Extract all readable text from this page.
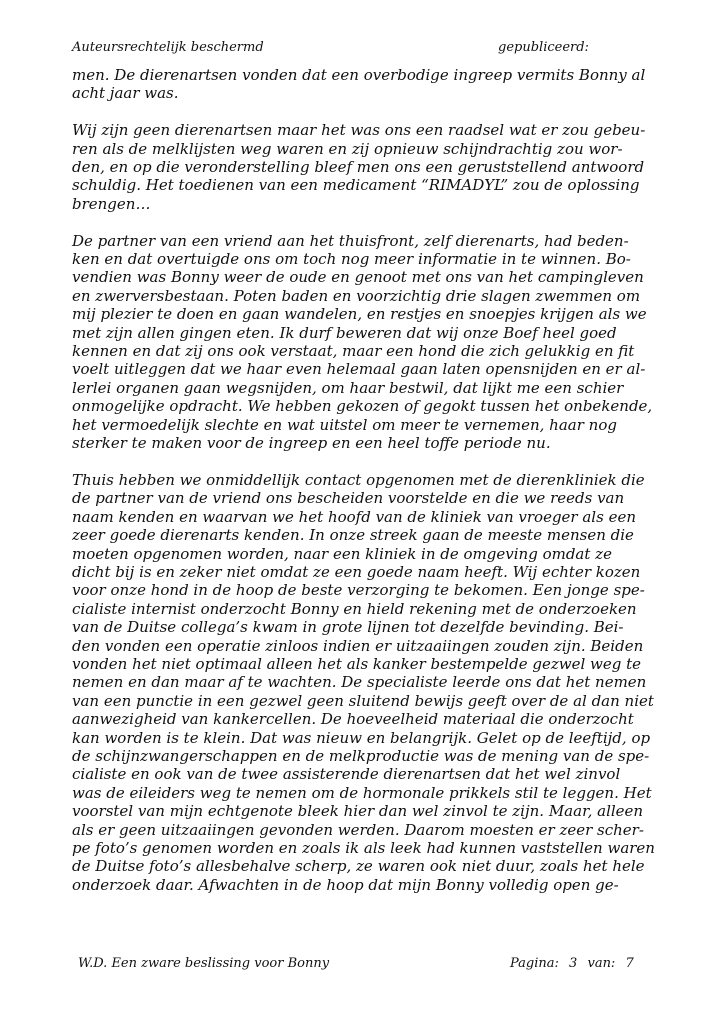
Auteursrechtelijk beschermd	gepubliceerd:

men. De dierenartsen vonden dat een overbodige ingreep vermits Bonny al
acht jaar was.

Wij zijn geen dierenartsen maar het was ons een raadsel wat er zou gebeu-
ren als de melklijsten weg waren en zij opnieuw schijndrachtig zou wor-
den, en op die veronderstelling bleef men ons een geruststellend antwoord
schuldig. Het toedienen van een medicament “RIMADYL” zou de oplossing
brengen…

De partner van een vriend aan het thuisfront, zelf dierenarts, had beden-
ken en dat overtuigde ons om toch nog meer informatie in te winnen. Bo-
vendien was Bonny weer de oude en genoot met ons van het campingleven
en zwerversbestaan. Poten baden en voorzichtig drie slagen zwemmen om
mij plezier te doen en gaan wandelen, en restjes en snoepjes krijgen als we
met zijn allen gingen eten. Ik durf beweren dat wij onze Boef heel goed
kennen en dat zij ons ook verstaat, maar een hond die zich gelukkig en fit
voelt uitleggen dat we haar even helemaal gaan laten opensnijden en er al-
lerlei organen gaan wegsnijden, om haar bestwil, dat lijkt me een schier
onmogelijke opdracht. We hebben gekozen of gegokt tussen het onbekende,
het vermoedelijk slechte en wat uitstel om meer te vernemen, haar nog
sterker te maken voor de ingreep en een heel toffe periode nu.

Thuis hebben we onmiddellijk contact opgenomen met de dierenkliniek die
de partner van de vriend ons bescheiden voorstelde en die we reeds van
naam kenden en waarvan we het hoofd van de kliniek van vroeger als een
zeer goede dierenarts kenden. In onze streek gaan de meeste mensen die
moeten opgenomen worden, naar een kliniek in de omgeving omdat ze
dicht bij is en zeker niet omdat ze een goede naam heeft. Wij echter kozen
voor onze hond in de hoop de beste verzorging te bekomen. Een jonge spe-
cialiste internist onderzocht Bonny en hield rekening met de onderzoeken
van de Duitse collega’s kwam in grote lijnen tot dezelfde bevinding. Bei-
den vonden een operatie zinloos indien er uitzaaiingen zouden zijn. Beiden
vonden het niet optimaal alleen het als kanker bestempelde gezwel weg te
nemen en dan maar af te wachten. De specialiste leerde ons dat het nemen
van een punctie in een gezwel geen sluitend bewijs geeft over de al dan niet
aanwezigheid van kankercellen. De hoeveelheid materiaal die onderzocht
kan worden is te klein. Dat was nieuw en belangrijk. Gelet op de leeftijd, op
de schijnzwangerschappen en de melkproductie was de mening van de spe-
cialiste en ook van de twee assisterende dierenartsen dat het wel zinvol
was de eileiders weg te nemen om de hormonale prikkels stil te leggen. Het
voorstel van mijn echtgenote bleek hier dan wel zinvol te zijn. Maar, alleen
als er geen uitzaaiingen gevonden werden. Daarom moesten er zeer scher-
pe foto’s genomen worden en zoals ik als leek had kunnen vaststellen waren
de Duitse foto’s allesbehalve scherp, ze waren ook niet duur, zoals het hele
onderzoek daar. Afwachten in de hoop dat mijn Bonny volledig open ge-

W.D. Een zware beslissing voor Bonny	Pagina: 3 van: 7
